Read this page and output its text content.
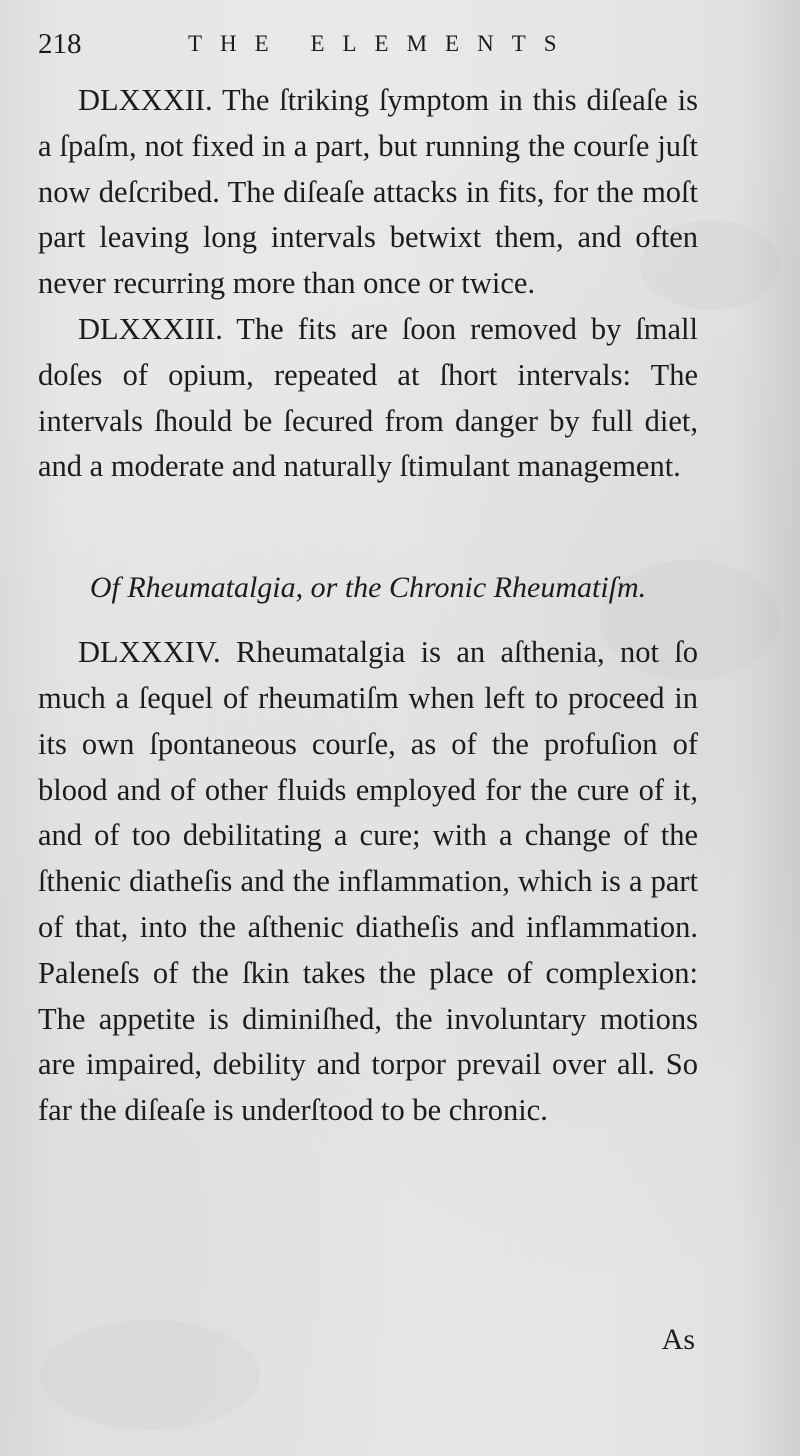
218	THE ELEMENTS

DLXXXII. The ſtriking ſymptom in this diſeaſe is a ſpaſm, not fixed in a part, but running the courſe juſt now deſcribed. The diſeaſe attacks in fits, for the moſt part leaving long intervals betwixt them, and often never recurring more than once or twice.

DLXXXIII. The fits are ſoon removed by ſmall doſes of opium, repeated at ſhort intervals: The intervals ſhould be ſecured from danger by full diet, and a moderate and naturally ſtimulant management.

Of Rheumatalgia, or the Chronic Rheumatiſm.

DLXXXIV. Rheumatalgia is an aſthenia, not ſo much a ſequel of rheumatiſm when left to proceed in its own ſpontaneous courſe, as of the profuſion of blood and of other fluids employed for the cure of it, and of too debilitating a cure; with a change of the ſthenic diatheſis and the inflammation, which is a part of that, into the aſthenic diatheſis and inflammation. Paleneſs of the ſkin takes the place of complexion: The appetite is diminiſhed, the involuntary motions are impaired, debility and torpor prevail over all. So far the diſeaſe is underſtood to be chronic.

As
